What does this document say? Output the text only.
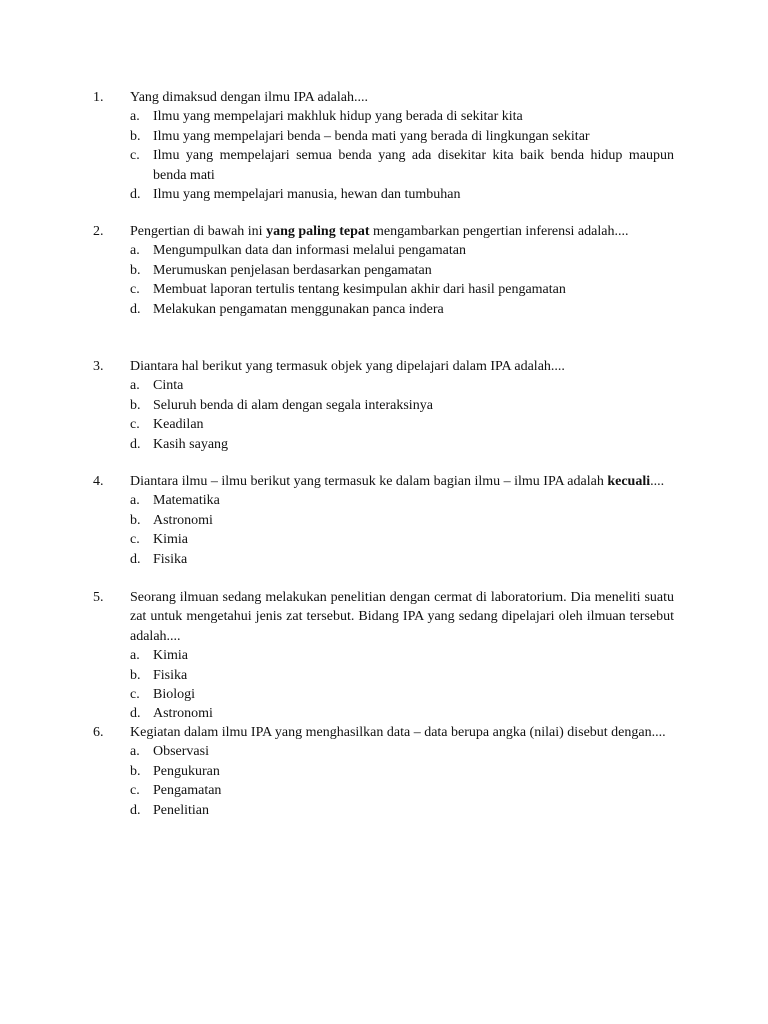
1. Yang dimaksud dengan ilmu IPA adalah....
a. Ilmu yang mempelajari makhluk hidup yang berada di sekitar kita
b. Ilmu yang mempelajari benda – benda mati yang berada di lingkungan sekitar
c. Ilmu yang mempelajari semua benda yang ada disekitar kita baik benda hidup maupun benda mati
d. Ilmu yang mempelajari manusia, hewan dan tumbuhan
2. Pengertian di bawah ini yang paling tepat mengambarkan pengertian inferensi adalah....
a. Mengumpulkan data dan informasi melalui pengamatan
b. Merumuskan penjelasan berdasarkan pengamatan
c. Membuat laporan tertulis tentang kesimpulan akhir dari hasil pengamatan
d. Melakukan pengamatan menggunakan panca indera
3. Diantara hal berikut yang termasuk objek yang dipelajari dalam IPA adalah....
a. Cinta
b. Seluruh benda di alam dengan segala interaksinya
c. Keadilan
d. Kasih sayang
4. Diantara ilmu – ilmu berikut yang termasuk ke dalam bagian ilmu – ilmu IPA adalah kecuali....
a. Matematika
b. Astronomi
c. Kimia
d. Fisika
5. Seorang ilmuan sedang melakukan penelitian dengan cermat di laboratorium. Dia meneliti suatu zat untuk mengetahui jenis zat tersebut. Bidang IPA yang sedang dipelajari oleh ilmuan tersebut adalah....
a. Kimia
b. Fisika
c. Biologi
d. Astronomi
6. Kegiatan dalam ilmu IPA yang menghasilkan data – data berupa angka (nilai) disebut dengan....
a. Observasi
b. Pengukuran
c. Pengamatan
d. Penelitian
